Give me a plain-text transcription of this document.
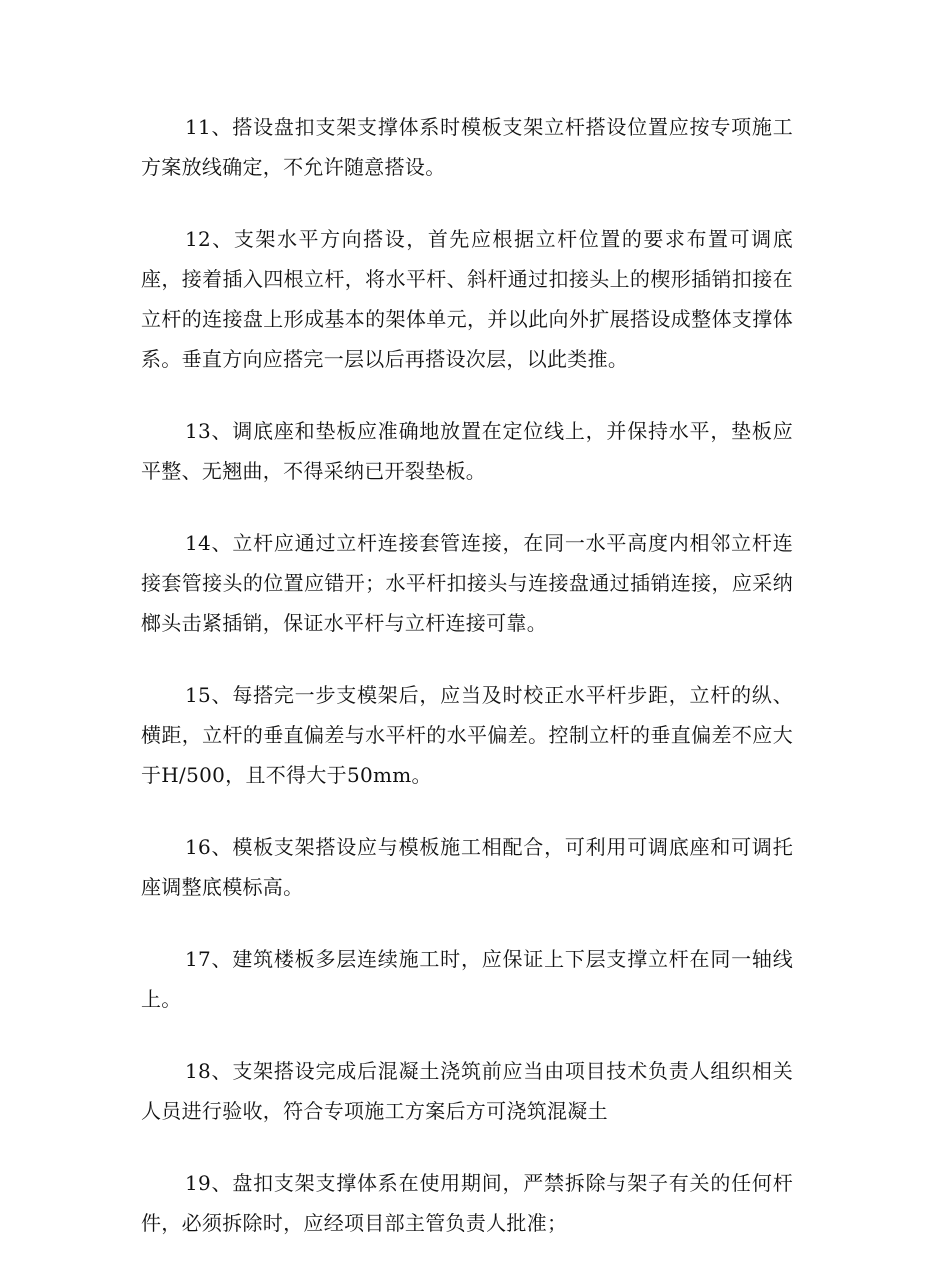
11、搭设盘扣支架支撑体系时模板支架立杆搭设位置应按专项施工方案放线确定，不允许随意搭设。

12、支架水平方向搭设，首先应根据立杆位置的要求布置可调底座，接着插入四根立杆，将水平杆、斜杆通过扣接头上的楔形插销扣接在立杆的连接盘上形成基本的架体单元，并以此向外扩展搭设成整体支撑体系。垂直方向应搭完一层以后再搭设次层，以此类推。

13、调底座和垫板应准确地放置在定位线上，并保持水平，垫板应平整、无翘曲，不得采纳已开裂垫板。

14、立杆应通过立杆连接套管连接，在同一水平高度内相邻立杆连接套管接头的位置应错开；水平杆扣接头与连接盘通过插销连接，应采纳榔头击紧插销，保证水平杆与立杆连接可靠。

15、每搭完一步支模架后，应当及时校正水平杆步距，立杆的纵、横距，立杆的垂直偏差与水平杆的水平偏差。控制立杆的垂直偏差不应大于H/500，且不得大于50mm。

16、模板支架搭设应与模板施工相配合，可利用可调底座和可调托座调整底模标高。

17、建筑楼板多层连续施工时，应保证上下层支撑立杆在同一轴线上。

18、支架搭设完成后混凝土浇筑前应当由项目技术负责人组织相关人员进行验收，符合专项施工方案后方可浇筑混凝土

19、盘扣支架支撑体系在使用期间，严禁拆除与架子有关的任何杆件，必须拆除时，应经项目部主管负责人批准；
